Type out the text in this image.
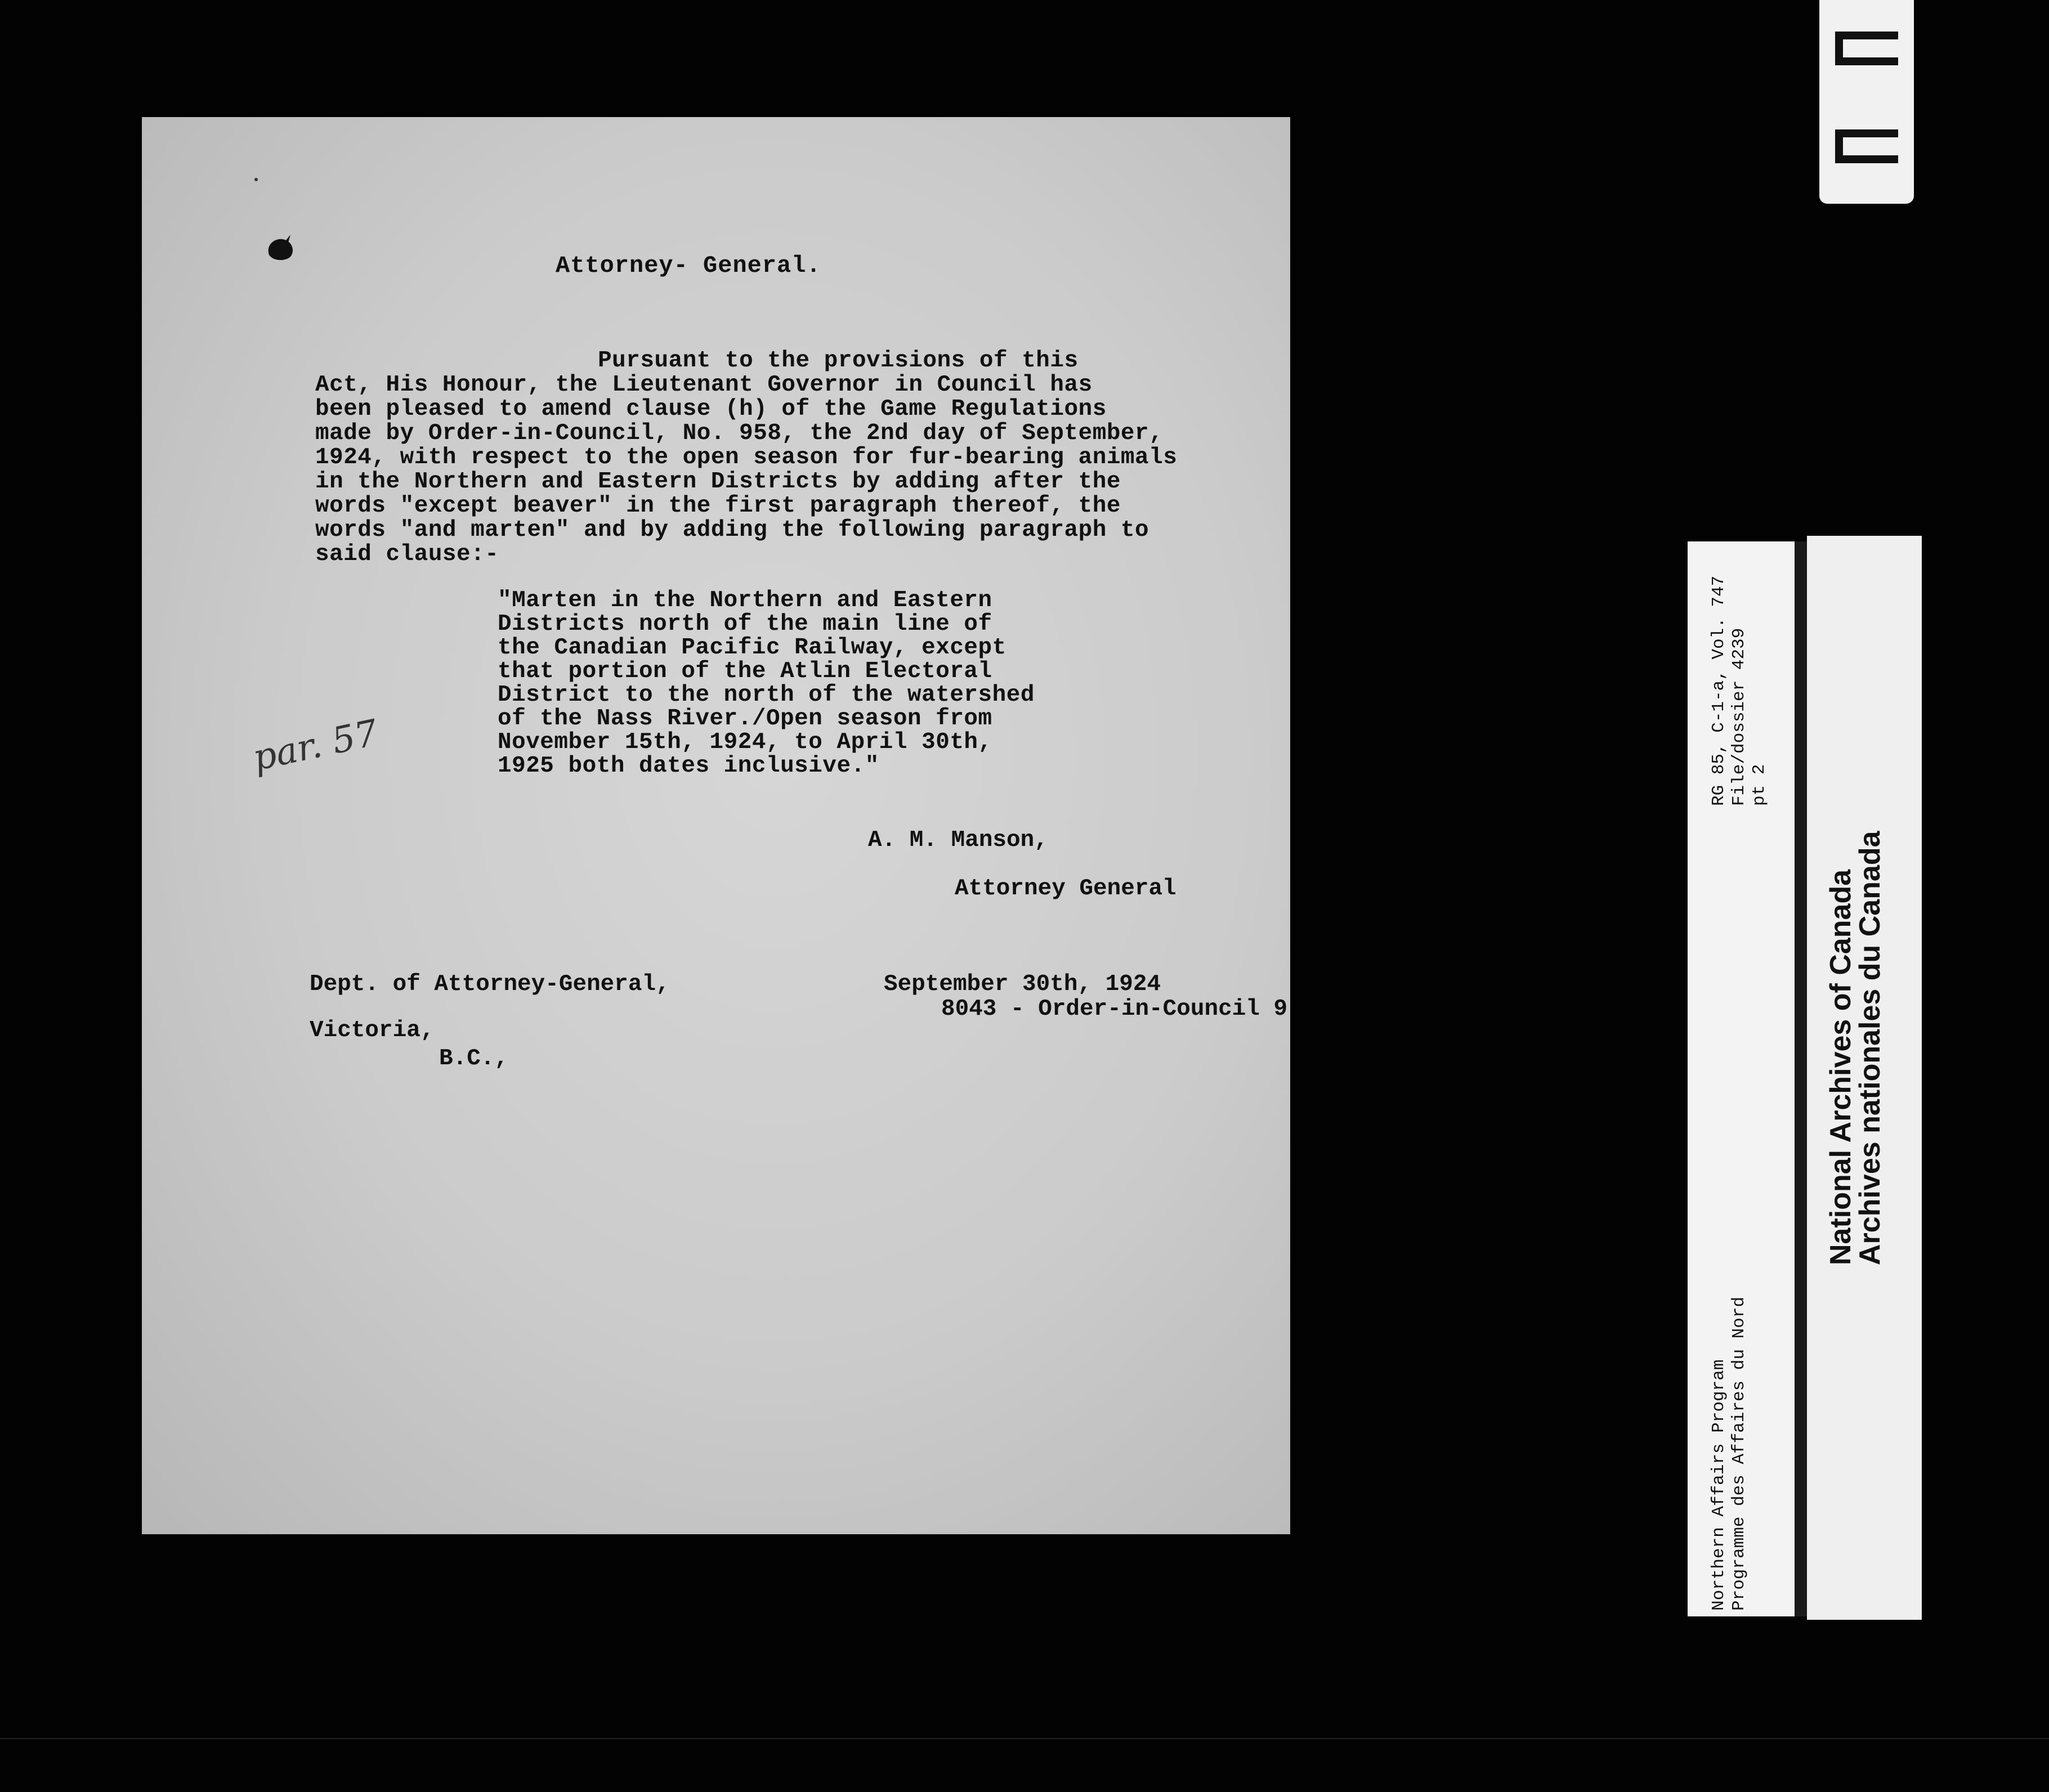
Attorney- General.

Pursuant to the provisions of this
Act, His Honour, the Lieutenant Governor in Council has
been pleased to amend clause (h) of the Game Regulations
made by Order-in-Council, No. 958, the 2nd day of September,
1924, with respect to the open season for fur-bearing animals
in the Northern and Eastern Districts by adding after the
words "except beaver" in the first paragraph thereof, the
words "and marten" and by adding the following paragraph to
said clause:-
"Marten in the Northern and Eastern
Districts north of the main line of
the Canadian Pacific Railway, except
that portion of the Atlin Electoral
District to the north of the watershed
of the Nass River./Open season from
November 15th, 1924, to April 30th,
1925 both dates inclusive."
par. 57

A. M. Manson,

Attorney General

Dept. of Attorney-General,	September 30th, 1924

8043 - Order-in-Council 9

Victoria,

B.C.,

RG 85, C-1-a, Vol. 747 File/dossier 4239 pt 2
Northern Affairs Program Programme des Affaires du Nord
National Archives of Canada
Archives nationales du Canada
